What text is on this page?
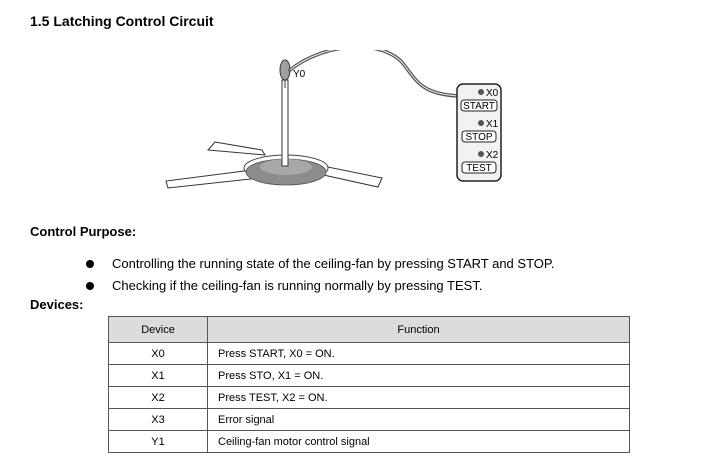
1.5 Latching Control Circuit
Y0
X0
START
X1
STOP
X2
TEST
Control Purpose:
Controlling the running state of the ceiling-fan by pressing START and STOP.
Checking if the ceiling-fan is running normally by pressing TEST.
Devices:
Device	Function
X0	Press START, X0 = ON.
X1	Press STO, X1 = ON.
X2	Press TEST, X2 = ON.
X3	Error signal
Y1	Ceiling-fan motor control signal
